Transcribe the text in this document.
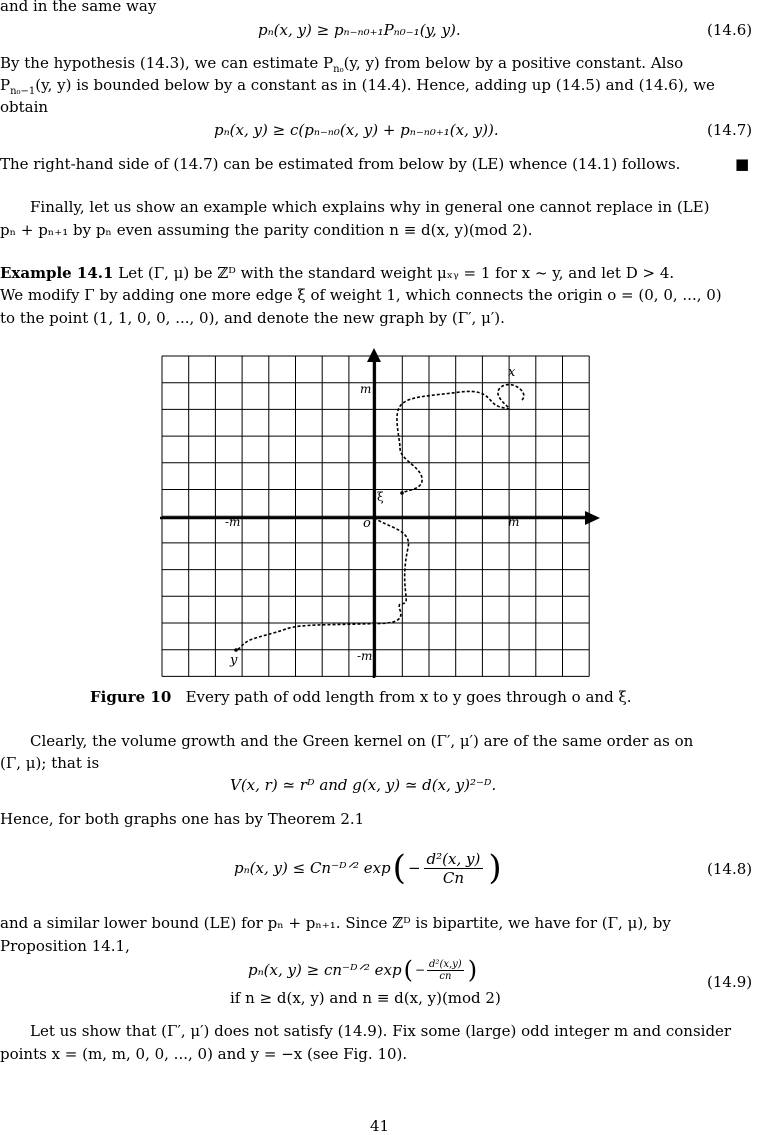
and in the same way
pₙ(x, y) ≥ pₙ₋ₙ₀₊₁Pₙ₀₋₁(y, y).	(14.6)
By the hypothesis (14.3), we can estimate $P_{n_0}(y$, y) from below by a positive constant. Also
$P_{n_0-1}(y$, y) is bounded below by a constant as in (14.4). Hence, adding up (14.5) and (14.6), we
obtain
pₙ(x, y) ≥ c(pₙ₋ₙ₀(x, y) + pₙ₋ₙ₀₊₁(x, y)).	(14.7)
The right-hand side of (14.7) can be estimated from below by (LE) whence (14.1) follows.	■
Finally, let us show an example which explains why in general one cannot replace in (LE)
pₙ + pₙ₊₁ by pₙ even assuming the parity condition n ≡ d(x, y)(mod 2).
Example 14.1 Let (Γ, μ) be ℤᴰ with the standard weight μₓᵧ = 1 for x ~ y, and let D > 4.
We modify Γ by adding one more edge ξ of weight 1, which connects the origin o = (0, 0, ..., 0)
to the point (1, 1, 0, 0, ..., 0), and denote the new graph by (Γ′, μ′).
m
m
-m
-m
x
y
o
ξ
Figure 10 Every path of odd length from x to y goes through o and ξ.
Clearly, the volume growth and the Green kernel on (Γ′, μ′) are of the same order as on
(Γ, μ); that is
V(x, r) ≃ rᴰ and g(x, y) ≃ d(x, y)²⁻ᴰ.
Hence, for both graphs one has by Theorem 2.1
pₙ(x, y) ≤ Cn⁻ᴰᐟ² exp ( − $\frac{\text{d²(x, y)}}{Cn}$ )	(14.8)
and a similar lower bound (LE) for pₙ + pₙ₊₁. Since ℤᴰ is bipartite, we have for (Γ, μ), by
Proposition 14.1,
pₙ(x, y) ≥ cn⁻ᴰᐟ² exp ( − $\frac{\text{d²(x,y)}}{cn}$ )
if n ≥ d(x, y) and n ≡ d(x, y)(mod 2)
(14.9)
Let us show that (Γ′, μ′) does not satisfy (14.9). Fix some (large) odd integer m and consider
points x = (m, m, 0, 0, ..., 0) and y = −x (see Fig. 10).
41
